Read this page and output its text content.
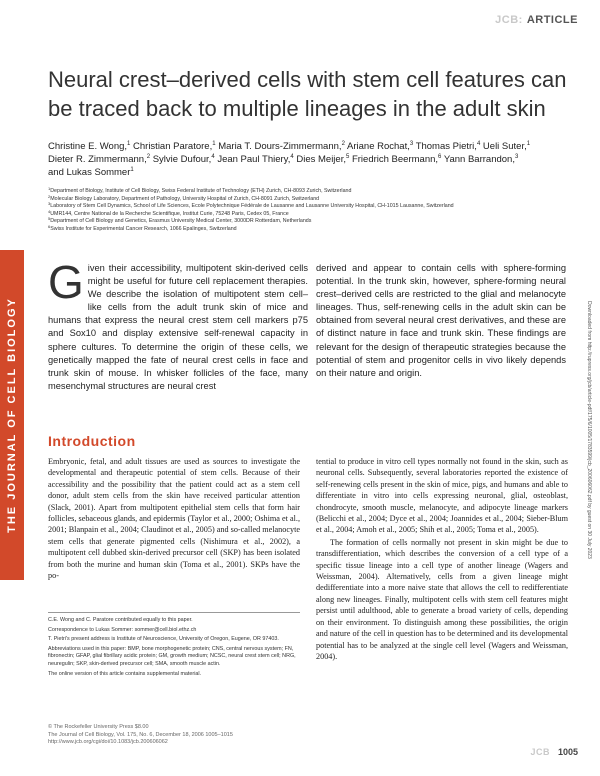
THE JOURNAL OF CELL BIOLOGY
JCB: ARTICLE
Neural crest–derived cells with stem cell features can be traced back to multiple lineages in the adult skin
Christine E. Wong,$^1$ Christian Paratore,$^1$ Maria T. Dours-Zimmermann,$^2$ Ariane Rochat,$^3$ Thomas Pietri,$^4$ Ueli Suter,$^1$
Dieter R. Zimmermann,$^2$ Sylvie Dufour,$^4$ Jean Paul Thiery,$^4$ Dies Meijer,$^5$ Friedrich Beermann,$^6$ Yann Barrandon,$^3$
and Lukas Sommer$^1$
$^1$Department of Biology, Institute of Cell Biology, Swiss Federal Institute of Technology (ETH) Zurich, CH-8093 Zurich, Switzerland
$^2$Molecular Biology Laboratory, Department of Pathology, University Hospital of Zurich, CH-8091 Zurich, Switzerland
$^3$Laboratory of Stem Cell Dynamics, School of Life Sciences, Ecole Polytechnique Fédérale de Lausanne and Lausanne University Hospital, CH-1015 Lausanne, Switzerland
$^4$UMR144, Centre National de la Recherche Scientifique, Institut Curie, 75248 Paris, Cedex 05, France
$^5$Department of Cell Biology and Genetics, Erasmus University Medical Center, 3000DR Rotterdam, Netherlands
$^6$Swiss Institute for Experimental Cancer Research, 1066 Epalinges, Switzerland
Downloaded from http://rupress.org/jcb/article-pdf/175/6/1005/1783599/jcb_200606062.pdf by guest on 30 July 2023
Given their accessibility, multipotent skin-derived cells might be useful for future cell replacement therapies. We describe the isolation of multipotent stem cell–like cells from the adult trunk skin of mice and humans that express the neural crest stem cell markers p75 and Sox10 and display extensive self-renewal capacity in sphere cultures. To determine the origin of these cells, we genetically mapped the fate of neural crest cells in face and trunk skin of mouse. In whisker follicles of the face, many mesenchymal structures are neural crest
derived and appear to contain cells with sphere-forming potential. In the trunk skin, however, sphere-forming neural crest–derived cells are restricted to the glial and melanocyte lineages. Thus, self-renewing cells in the adult skin can be obtained from several neural crest derivatives, and these are of distinct nature in face and trunk skin. These findings are relevant for the design of therapeutic strategies because the potential of stem and progenitor cells in vivo likely depends on their nature and origin.
Introduction

Embryonic, fetal, and adult tissues are used as sources to investigate the developmental and therapeutic potential of stem cells. Because of their accessibility and the possibility that the patient could act as a stem cell donor, adult stem cells from the skin have received particular attention (Slack, 2001). Apart from multipotent epithelial stem cells that form hair follicles, sebaceous glands, and epidermis (Taylor et al., 2000; Oshima et al., 2001; Blanpain et al., 2004; Claudinot et al., 2005) and so-called melanocyte stem cells that generate pigmented cells (Nishimura et al., 2002), a multipotent cell dubbed skin-derived precursor cell (SKP) has been isolated from both the murine and human skin (Toma et al., 2001). SKPs have the po-

tential to produce in vitro cell types normally not found in the skin, such as neuronal cells. Subsequently, several laboratories reported the existence of self-renewing cells present in the skin of mice, pigs, and humans and able to differentiate in vitro into cells expressing neuronal, glial, osteoblast, chondrocyte, smooth muscle, melanocyte, and adipocyte lineage markers (Belicchi et al., 2004; Dyce et al., 2004; Joannides et al., 2004; Sieber-Blum et al., 2004; Amoh et al., 2005; Shih et al., 2005; Toma et al., 2005).

The formation of cells normally not present in skin might be due to transdifferentiation, which describes the conversion of a cell type of a specific tissue lineage into a cell type of another lineage (Wagers and Weissman, 2004). Alternatively, cells from a given lineage might dedifferentiate into a more naive state that allows the cell to redifferentiate along new lineages. Finally, multipotent cells with stem cell features might persist until adulthood, able to generate a broad variety of cells, depending on their environment. To distinguish among these possibilities, the origin and nature of the cell in question has to be determined and its developmental potential has to be analyzed at the single cell level (Wagers and Weissman, 2004).

C.E. Wong and C. Paratore contributed equally to this paper.

Correspondence to Lukas Sommer: sommer@cell.biol.ethz.ch

T. Pietri's present address is Institute of Neuroscience, University of Oregon, Eugene, OR 97403.

Abbreviations used in this paper: BMP, bone morphogenetic protein; CNS, central nervous system; FN, fibronectin; GFAP, glial fibrillary acidic protein; GM, growth medium; NCSC, neural crest stem cell; NRG, neuregulin; SKP, skin-derived precursor cell; SMA, smooth muscle actin.

The online version of this article contains supplemental material.

© The Rockefeller University Press $8.00
The Journal of Cell Biology, Vol. 175, No. 6, December 18, 2006 1005–1015
http://www.jcb.org/cgi/doi/10.1083/jcb.200606062
JCB 1005
